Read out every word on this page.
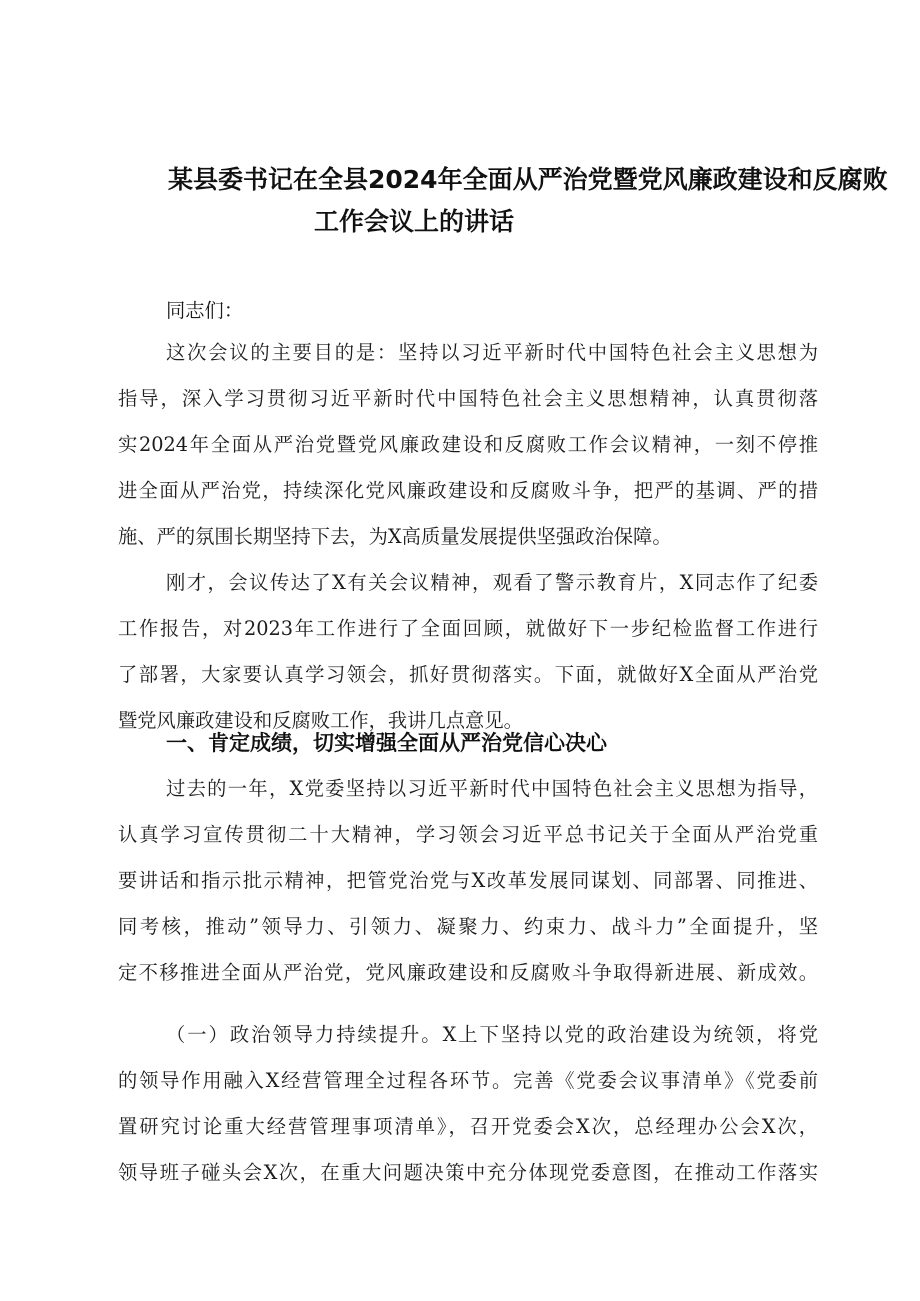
某县委书记在全县2024年全面从严治党暨党风廉政建设和反腐败
工作会议上的讲话
同志们：
这次会议的主要目的是：坚持以习近平新时代中国特色社会主义思想为
指导，深入学习贯彻习近平新时代中国特色社会主义思想精神，认真贯彻落
实2024年全面从严治党暨党风廉政建设和反腐败工作会议精神，一刻不停推
进全面从严治党，持续深化党风廉政建设和反腐败斗争，把严的基调、严的措
施、严的氛围长期坚持下去，为X高质量发展提供坚强政治保障。
刚才，会议传达了X有关会议精神，观看了警示教育片，X同志作了纪委
工作报告，对2023年工作进行了全面回顾，就做好下一步纪检监督工作进行
了部署，大家要认真学习领会，抓好贯彻落实。下面，就做好X全面从严治党
暨党风廉政建设和反腐败工作，我讲几点意见。
一、肯定成绩，切实增强全面从严治党信心决心
过去的一年，X党委坚持以习近平新时代中国特色社会主义思想为指导，
认真学习宣传贯彻二十大精神，学习领会习近平总书记关于全面从严治党重
要讲话和指示批示精神，把管党治党与X改革发展同谋划、同部署、同推进、
同考核，推动”领导力、引领力、凝聚力、约束力、战斗力”全面提升，坚
定不移推进全面从严治党，党风廉政建设和反腐败斗争取得新进展、新成效。
（一）政治领导力持续提升。X上下坚持以党的政治建设为统领，将党
的领导作用融入X经营管理全过程各环节。完善《党委会议事清单》《党委前
置研究讨论重大经营管理事项清单》，召开党委会X次，总经理办公会X次，
领导班子碰头会X次，在重大问题决策中充分体现党委意图，在推动工作落实
